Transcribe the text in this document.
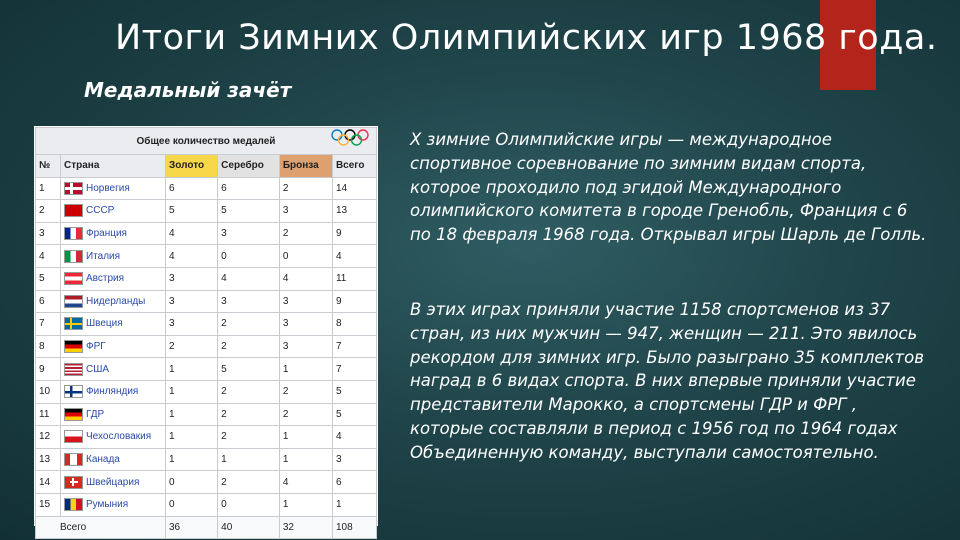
Итоги Зимних Олимпийских игр 1968 года.
Медальный зачёт
Общее количество медалей					
№	Страна	Золото	Серебро	Бронза	Всего
1	Норвегия	6	6	2	14
2	СССР	5	5	3	13
3	Франция	4	3	2	9
4	Италия	4	0	0	4
5	Австрия	3	4	4	11
6	Нидерланды	3	3	3	9
7	Швеция	3	2	3	8
8	ФРГ	2	2	3	7
9	США	1	5	1	7
10	Финляндия	1	2	2	5
11	ГДР	1	2	2	5
12	Чехословакия	1	2	1	4
13	Канада	1	1	1	3
14	Швейцария	0	2	4	6
15	Румыния	0	0	1	1
Всего		36	40	32	108
X зимние Олимпийские игры — международное спортивное соревнование по зимним видам спорта, которое проходило под эгидой Международного олимпийского комитета в городе Гренобль, Франция с 6 по 18 февраля 1968 года. Открывал игры Шарль де Голль.
В этих играх приняли участие 1158 спортсменов из 37 стран, из них мужчин — 947, женщин — 211. Это явилось рекордом для зимних игр. Было разыграно 35 комплектов наград в 6 видах спорта. В них впервые приняли участие представители Марокко, а спортсмены ГДР и ФРГ , которые составляли в период с 1956 год по 1964 годах Объединенную команду, выступали самостоятельно.
